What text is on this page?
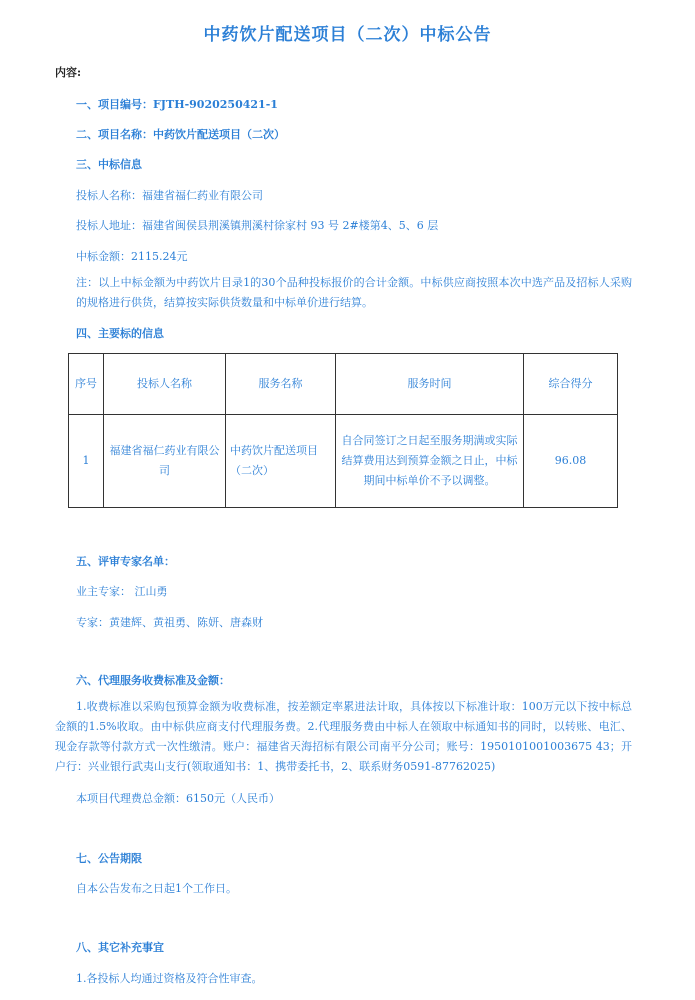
中药饮片配送项目（二次）中标公告
内容:
一、项目编号：FJTH-9020250421-1
二、项目名称：中药饮片配送项目（二次）
三、中标信息
投标人名称：福建省福仁药业有限公司
投标人地址：福建省闽侯县荆溪镇荆溪村徐家村 93 号 2#楼第4、5、6 层
中标金额：2115.24元
注：以上中标金额为中药饮片目录1的30个品种投标报价的合计金额。中标供应商按照本次中选产品及招标人采购的规格进行供货，结算按实际供货数量和中标单价进行结算。
四、主要标的信息
序号	投标人名称	服务名称	服务时间	综合得分
1	福建省福仁药业有限公司	中药饮片配送项目（二次）	自合同签订之日起至服务期满或实际结算费用达到预算金额之日止，中标期间中标单价不予以调整。	96.08
五、评审专家名单：
业主专家： 江山勇
专家：黄建辉、黄祖勇、陈妍、唐森财
六、代理服务收费标准及金额：
1.收费标准以采购包预算金额为收费标准，按差额定率累进法计取，具体按以下标准计取：100万元以下按中标总金额的1.5%收取。由中标供应商支付代理服务费。2.代理服务费由中标人在领取中标通知书的同时，以转账、电汇、现金存款等付款方式一次性缴清。账户：福建省天海招标有限公司南平分公司；账号：1950101001003675 43；开户行：兴业银行武夷山支行(领取通知书：1、携带委托书，2、联系财务0591-87762025)
本项目代理费总金额：6150元（人民币）
七、公告期限
自本公告发布之日起1个工作日。
八、其它补充事宜
1.各投标人均通过资格及符合性审查。
